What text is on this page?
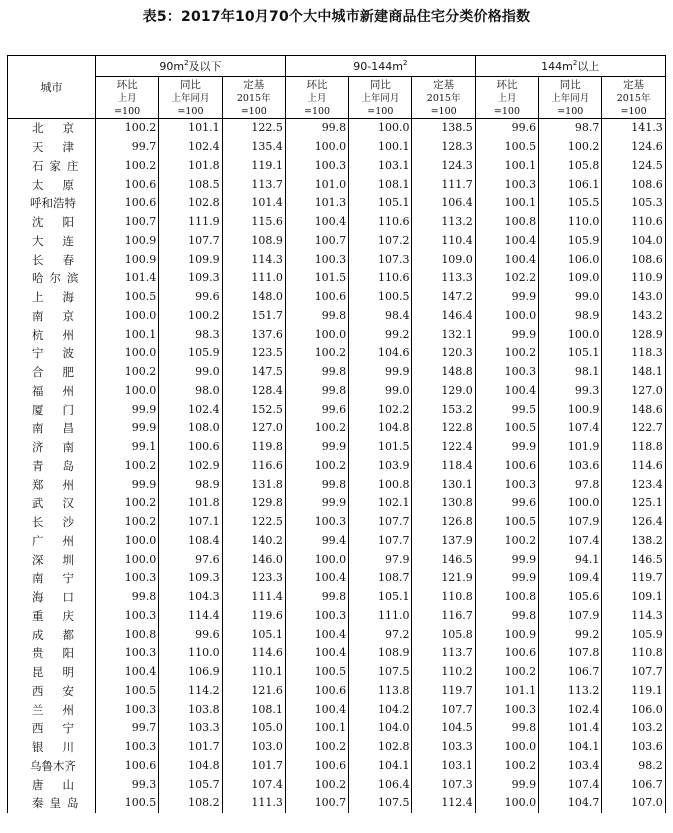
表5：2017年10月70个大中城市新建商品住宅分类价格指数
城市	$90m^2$及以下			$90-144m^2$			$144m^2$以上		
	环比	同比	定基	环比	同比	定基	环比	同比	定基
	上月	上年同月	2015年	上月	上年同月	2015年	上月	上年同月	2015年
	=100	=100	=100	=100	=100	=100	=100	=100	=100
北京	100.2	101.1	122.5	99.8	100.0	138.5	99.6	98.7	141.3
天津	99.7	102.4	135.4	100.0	100.1	128.3	100.5	100.2	124.6
石家庄	100.2	101.8	119.1	100.3	103.1	124.3	100.1	105.8	124.5
太原	100.6	108.5	113.7	101.0	108.1	111.7	100.3	106.1	108.6
呼和浩特	100.6	102.8	101.4	101.3	105.1	106.4	100.1	105.5	105.3
沈阳	100.7	111.9	115.6	100.4	110.6	113.2	100.8	110.0	110.6
大连	100.9	107.7	108.9	100.7	107.2	110.4	100.4	105.9	104.0
长春	100.9	109.9	114.3	100.3	107.3	109.0	100.4	106.0	108.6
哈尔滨	101.4	109.3	111.0	101.5	110.6	113.3	102.2	109.0	110.9
上海	100.5	99.6	148.0	100.6	100.5	147.2	99.9	99.0	143.0
南京	100.0	100.2	151.7	99.8	98.4	146.4	100.0	98.9	143.2
杭州	100.1	98.3	137.6	100.0	99.2	132.1	99.9	100.0	128.9
宁波	100.0	105.9	123.5	100.2	104.6	120.3	100.2	105.1	118.3
合肥	100.2	99.0	147.5	99.8	99.9	148.8	100.3	98.1	148.1
福州	100.0	98.0	128.4	99.8	99.0	129.0	100.4	99.3	127.0
厦门	99.9	102.4	152.5	99.6	102.2	153.2	99.5	100.9	148.6
南昌	99.9	108.0	127.0	100.2	104.8	122.8	100.5	107.4	122.7
济南	99.1	100.6	119.8	99.9	101.5	122.4	99.9	101.9	118.8
青岛	100.2	102.9	116.6	100.2	103.9	118.4	100.6	103.6	114.6
郑州	99.9	98.9	131.8	99.8	100.8	130.1	100.3	97.8	123.4
武汉	100.2	101.8	129.8	99.9	102.1	130.8	99.6	100.0	125.1
长沙	100.2	107.1	122.5	100.3	107.7	126.8	100.5	107.9	126.4
广州	100.0	108.4	140.2	99.4	107.7	137.9	100.2	107.4	138.2
深圳	100.0	97.6	146.0	100.0	97.9	146.5	99.9	94.1	146.5
南宁	100.3	109.3	123.3	100.4	108.7	121.9	99.9	109.4	119.7
海口	99.8	104.3	111.4	99.8	105.1	110.8	100.8	105.6	109.1
重庆	100.3	114.4	119.6	100.3	111.0	116.7	99.8	107.9	114.3
成都	100.8	99.6	105.1	100.4	97.2	105.8	100.9	99.2	105.9
贵阳	100.3	110.0	114.6	100.4	108.9	113.7	100.6	107.8	110.8
昆明	100.4	106.9	110.1	100.5	107.5	110.2	100.2	106.7	107.7
西安	100.5	114.2	121.6	100.6	113.8	119.7	101.1	113.2	119.1
兰州	100.3	103.8	108.1	100.4	104.2	107.7	100.3	102.4	106.0
西宁	99.7	103.3	105.0	100.1	104.0	104.5	99.8	101.4	103.2
银川	100.3	101.7	103.0	100.2	102.8	103.3	100.0	104.1	103.6
乌鲁木齐	100.6	104.8	101.7	100.6	104.1	103.1	100.2	103.4	98.2
唐山	99.3	105.7	107.4	100.2	106.4	107.3	99.9	107.4	106.7
秦皇岛	100.5	108.2	111.3	100.7	107.5	112.4	100.0	104.7	107.0
